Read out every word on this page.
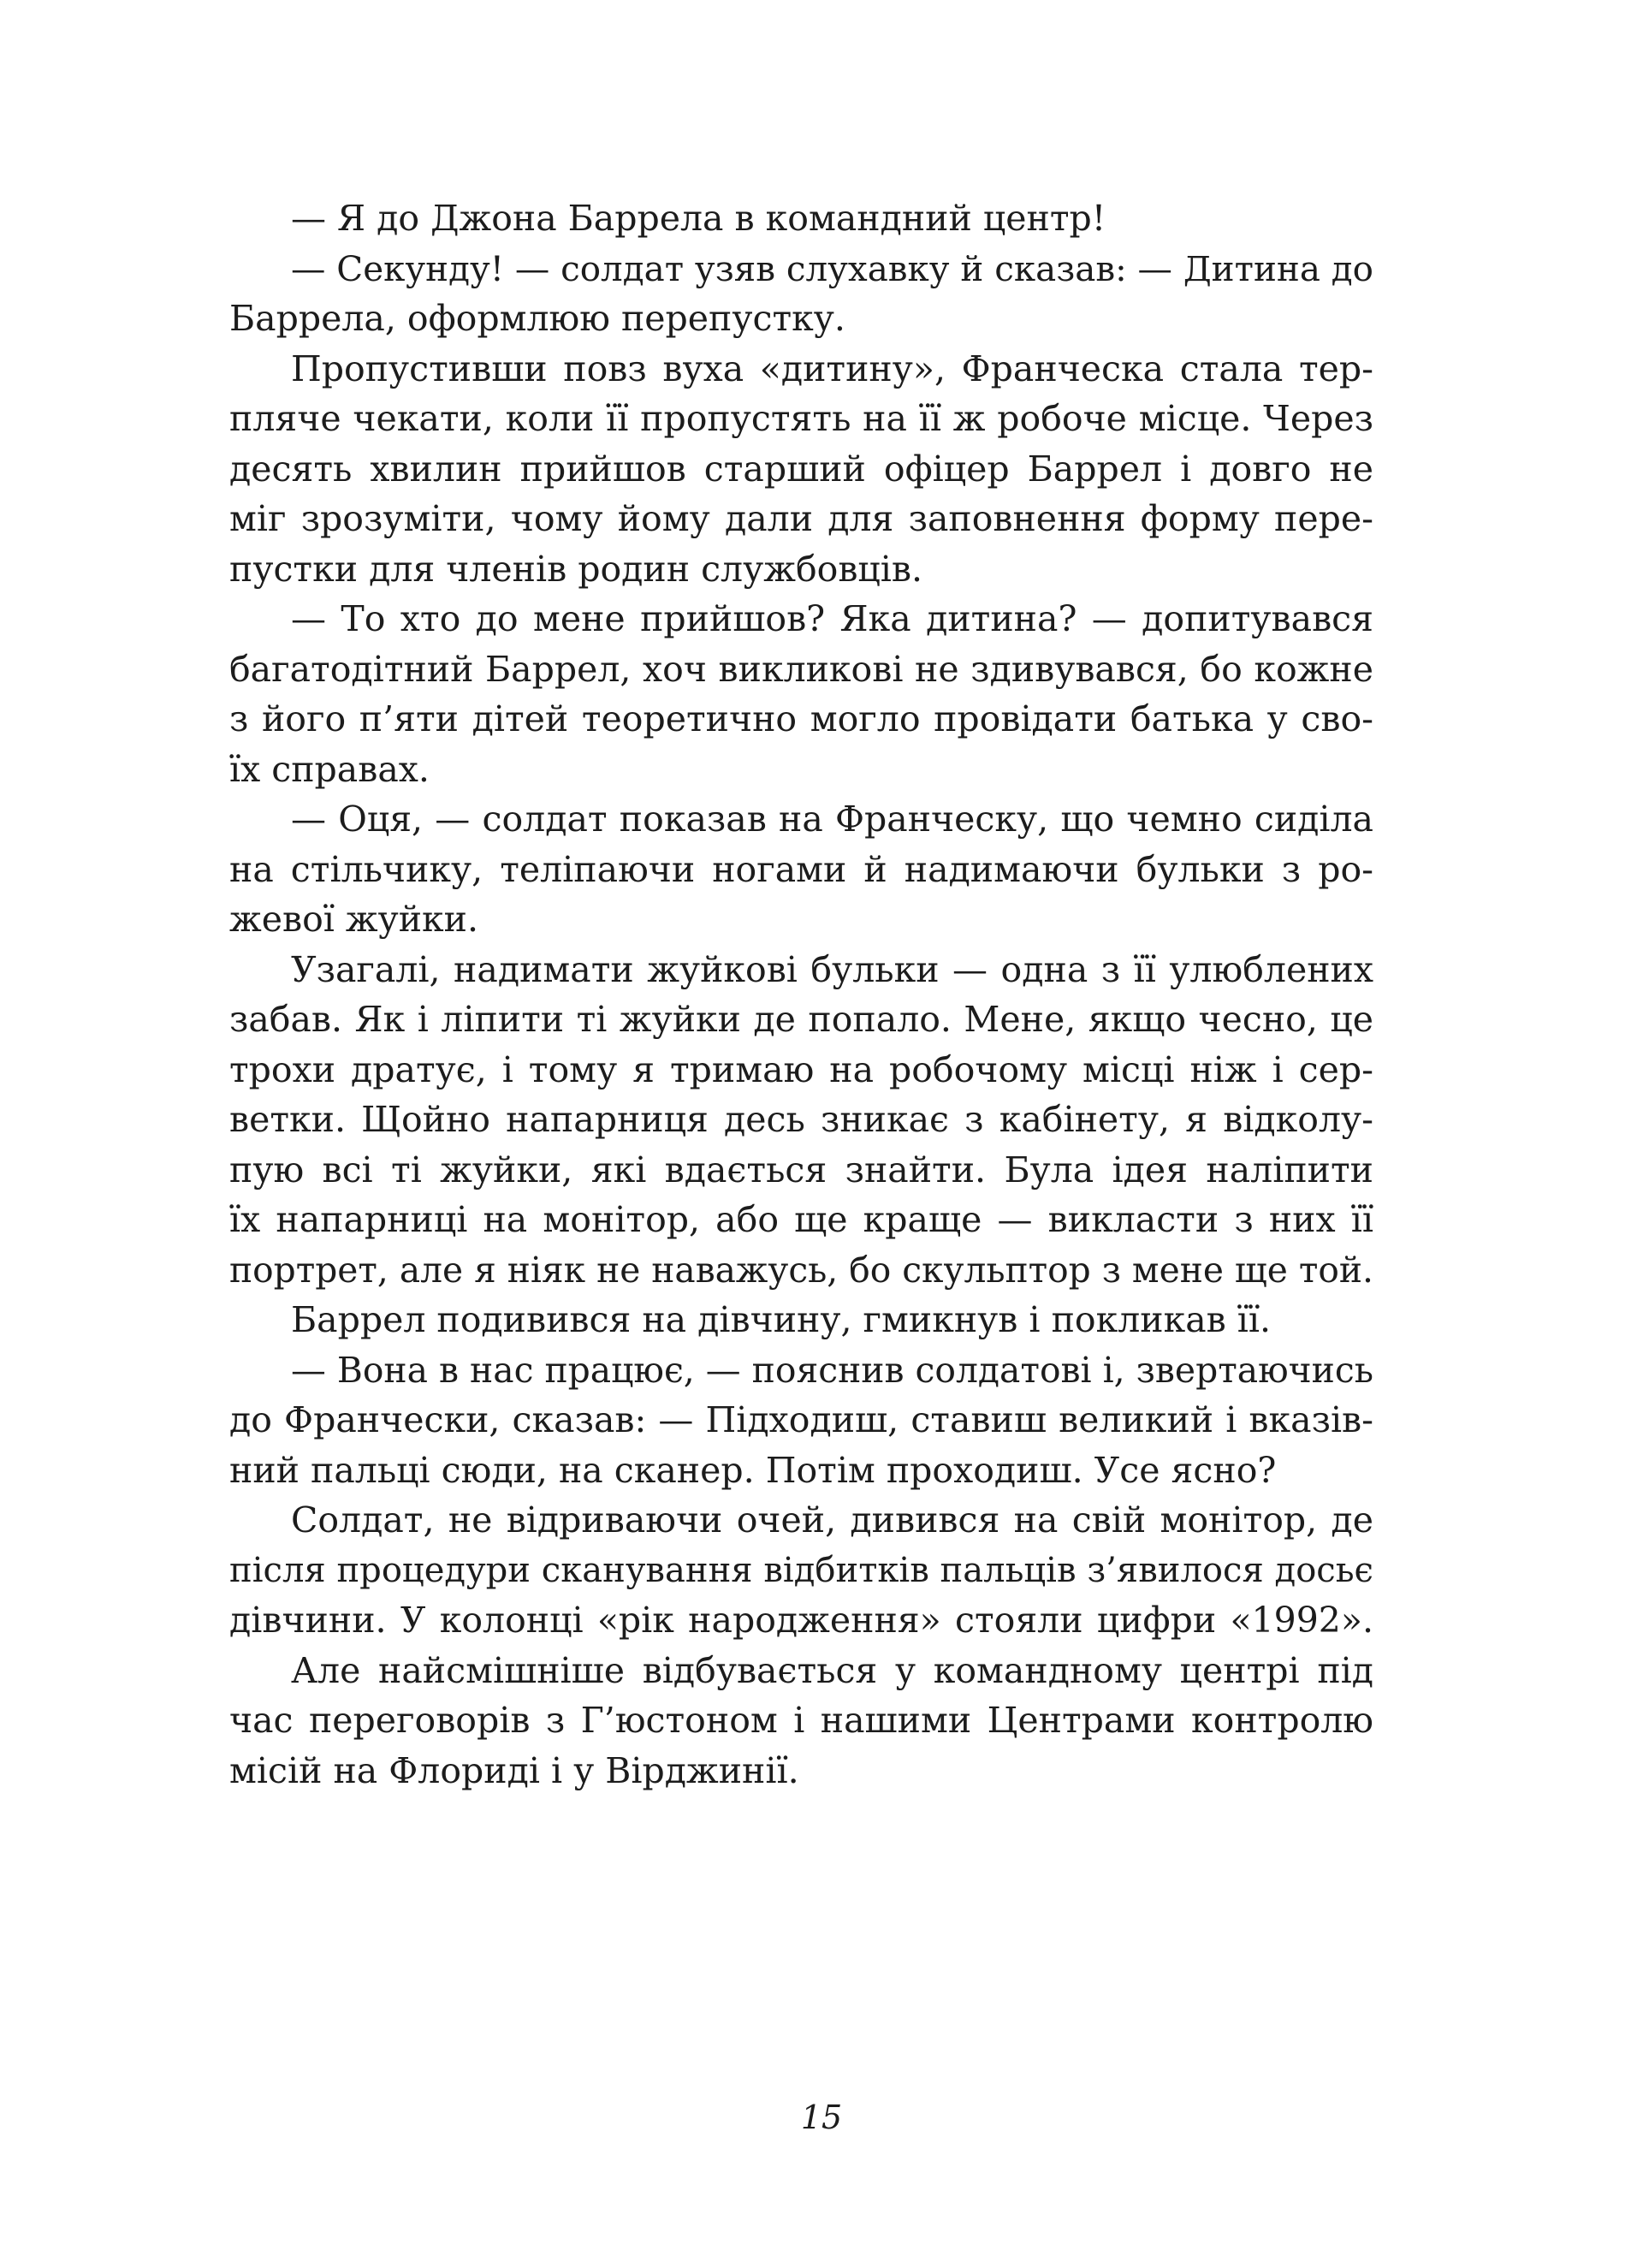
— Я до Джона Баррела в командний центр!
— Секунду! — солдат узяв слухавку й сказав: — Дитина до
Баррела, оформлюю перепустку.
Пропустивши повз вуха «дитину», Франческа стала тер-
пляче чекати, коли її пропустять на її ж робоче місце. Через
десять хвилин прийшов старший офіцер Баррел і довго не
міг зрозуміти, чому йому дали для заповнення форму пере-
пустки для членів родин службовців.
— То хто до мене прийшов? Яка дитина? — допитувався
багатодітний Баррел, хоч викликові не здивувався, бо кожне
з його п’яти дітей теоретично могло провідати батька у сво-
їх справах.
— Оця, — солдат показав на Франческу, що чемно сиділа
на стільчику, теліпаючи ногами й надимаючи бульки з ро-
жевої жуйки.
Узагалі, надимати жуйкові бульки — одна з її улюблених
забав. Як і ліпити ті жуйки де попало. Мене, якщо чесно, це
трохи дратує, і тому я тримаю на робочому місці ніж і сер-
ветки. Щойно напарниця десь зникає з кабінету, я відколу-
пую всі ті жуйки, які вдається знайти. Була ідея наліпити
їх напарниці на монітор, або ще краще — викласти з них її
портрет, але я ніяк не наважусь, бо скульптор з мене ще той.
Баррел подивився на дівчину, гмикнув і покликав її.
— Вона в нас працює, — пояснив солдатові і, звертаючись
до Франчески, сказав: — Підходиш, ставиш великий і вказів-
ний пальці сюди, на сканер. Потім проходиш. Усе ясно?
Солдат, не відриваючи очей, дивився на свій монітор, де
після процедури сканування відбитків пальців з’явилося досьє
дівчини. У колонці «рік народження» стояли цифри «1992».
Але найсмішніше відбувається у командному центрі під
час переговорів з Г’юстоном і нашими Центрами контролю
місій на Флориді і у Вірджинії.
15
